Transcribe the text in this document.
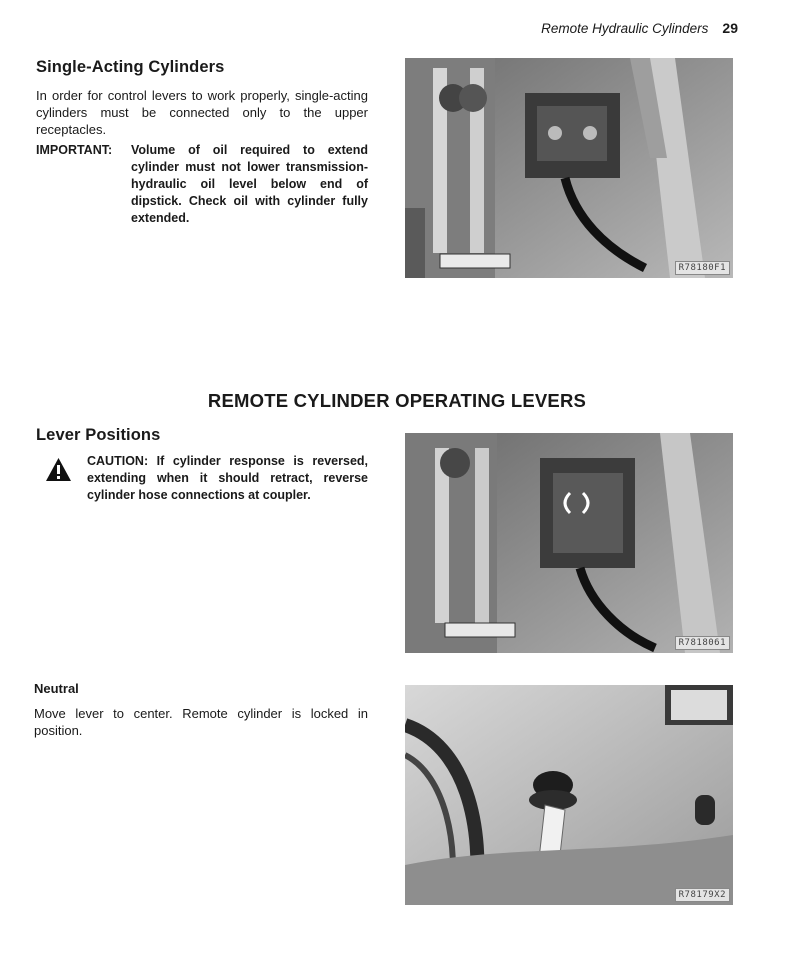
Remote Hydraulic Cylinders 29
Single-Acting Cylinders

In order for control levers to work properly, single-acting cylinders must be connected only to the upper receptacles.

IMPORTANT: Volume of oil required to extend cylinder must not lower transmission-hydraulic oil level below end of dipstick. Check oil with cylinder fully extended.
R78180F1
REMOTE CYLINDER OPERATING LEVERS
Lever Positions
CAUTION: If cylinder response is reversed, extending when it should retract, reverse cylinder hose connections at coupler.
R7818061
Neutral

Move lever to center. Remote cylinder is locked in position.

R78179X2
